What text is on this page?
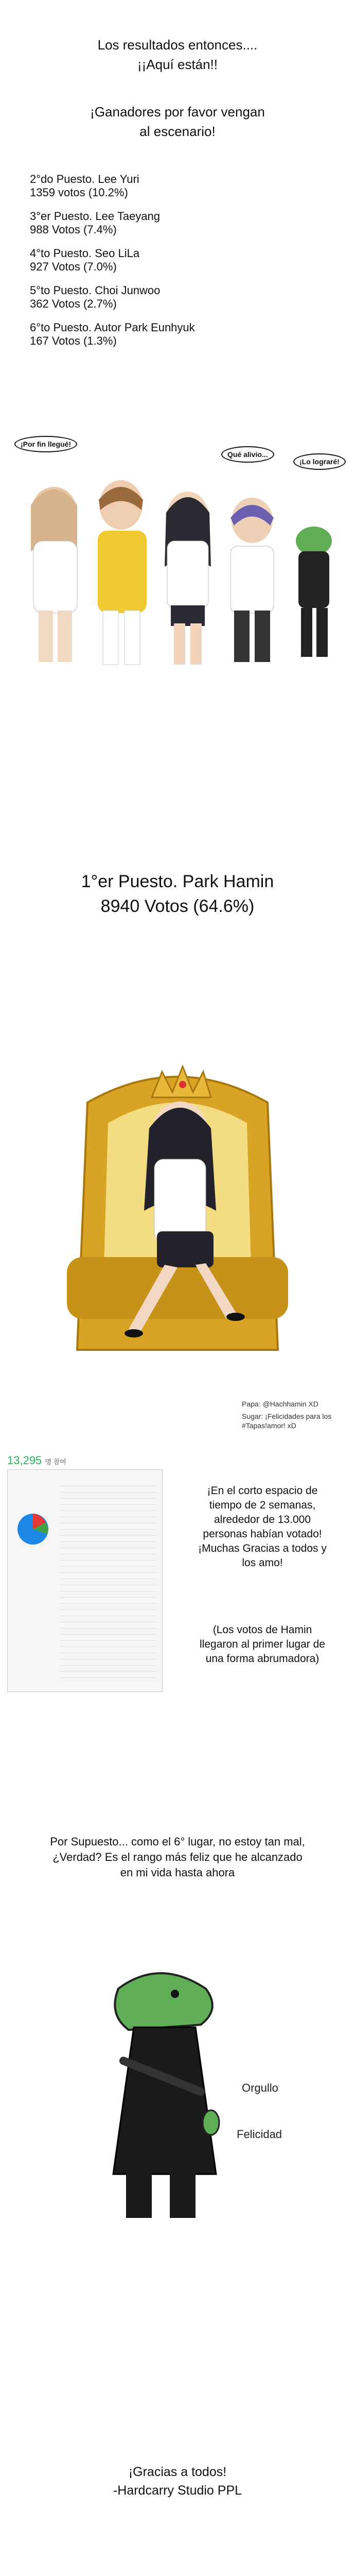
Los resultados entonces....
¡¡Aquí están!!
¡Ganadores por favor vengan
al escenario!
2°do Puesto. Lee Yuri
1359 votos (10.2%)
3°er Puesto. Lee Taeyang
988 Votos (7.4%)
4°to Puesto. Seo LiLa
927 Votos (7.0%)
5°to Puesto. Choi Junwoo
362 Votos (2.7%)
6°to Puesto. Autor Park Eunhyuk
167 Votos (1.3%)
¡Por fin llegué!
Qué alivio...
¡Lo lograré!
1°er Puesto. Park Hamin
8940 Votos (64.6%)
Papa: @Hachhamin XD
Sugar: ¡Felicidades para los #Tapas!amor! xD
13,295 명 참여
¡En el corto espacio de
tiempo de 2 semanas,
alrededor de 13.000
personas habían votado!
¡Muchas Gracias a todos y
los amo!
(Los votos de Hamin
llegaron al primer lugar de
una forma abrumadora)
Por Supuesto... como el 6° lugar, no estoy tan mal,
¿Verdad? Es el rango más feliz que he alcanzado
en mi vida hasta ahora
Orgullo
Felicidad
¡Gracias a todos!
-Hardcarry Studio PPL
